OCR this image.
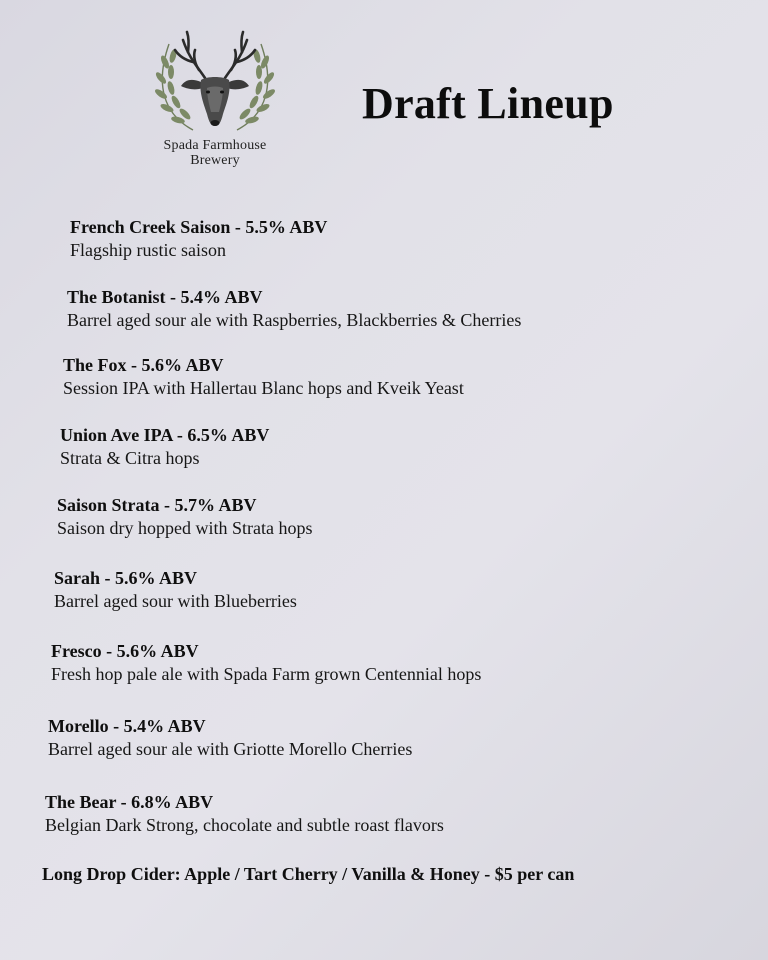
Spada Farmhouse
Brewery
Draft Lineup
French Creek Saison - 5.5% ABV
Flagship rustic saison
The Botanist - 5.4% ABV
Barrel aged sour ale with Raspberries, Blackberries & Cherries
The Fox - 5.6% ABV
Session IPA with Hallertau Blanc hops and Kveik Yeast
Union Ave IPA - 6.5% ABV
Strata & Citra hops
Saison Strata - 5.7% ABV
Saison dry hopped with Strata hops
Sarah - 5.6% ABV
Barrel aged sour with Blueberries
Fresco - 5.6% ABV
Fresh hop pale ale with Spada Farm grown Centennial hops
Morello - 5.4% ABV
Barrel aged sour ale with Griotte Morello Cherries
The Bear - 6.8% ABV
Belgian Dark Strong, chocolate and subtle roast flavors
Long Drop Cider: Apple / Tart Cherry / Vanilla & Honey - $5 per can
